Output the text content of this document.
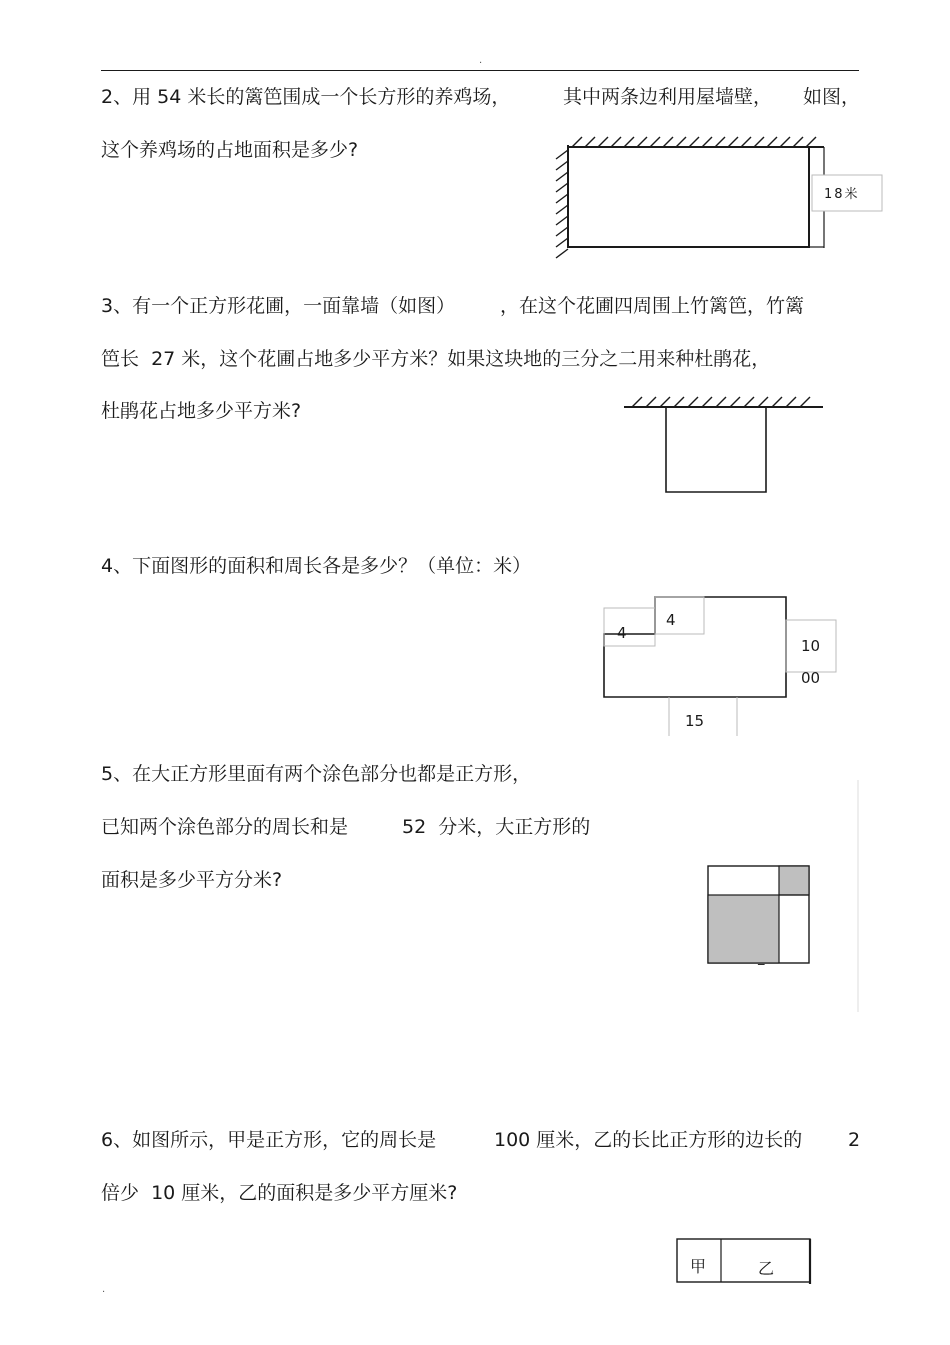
.
.
2、用 54 米长的篱笆围成一个长方形的养鸡场，	其中两条边利用屋墙壁， 如图，
这个养鸡场的占地面积是多少?
18米
3、有一个正方形花圃，一面靠墙（如图） ，在这个花圃四周围上竹篱笆，竹篱
笆长  27 米，这个花圃占地多少平方米？如果这块地的三分之二用来种杜鹃花，
杜鹃花占地多少平方米?
4、下面图形的面积和周长各是多少？（单位：米）
4
4
10
00
15
5、在大正方形里面有两个涂色部分也都是正方形，
已知两个涂色部分的周长和是	52  分米，大正方形的
面积是多少平方分米?
_
6、如图所示，甲是正方形，它的周长是	100 厘米，乙的长比正方形的边长的 2
倍少  10 厘米，乙的面积是多少平方厘米?
甲	乙
